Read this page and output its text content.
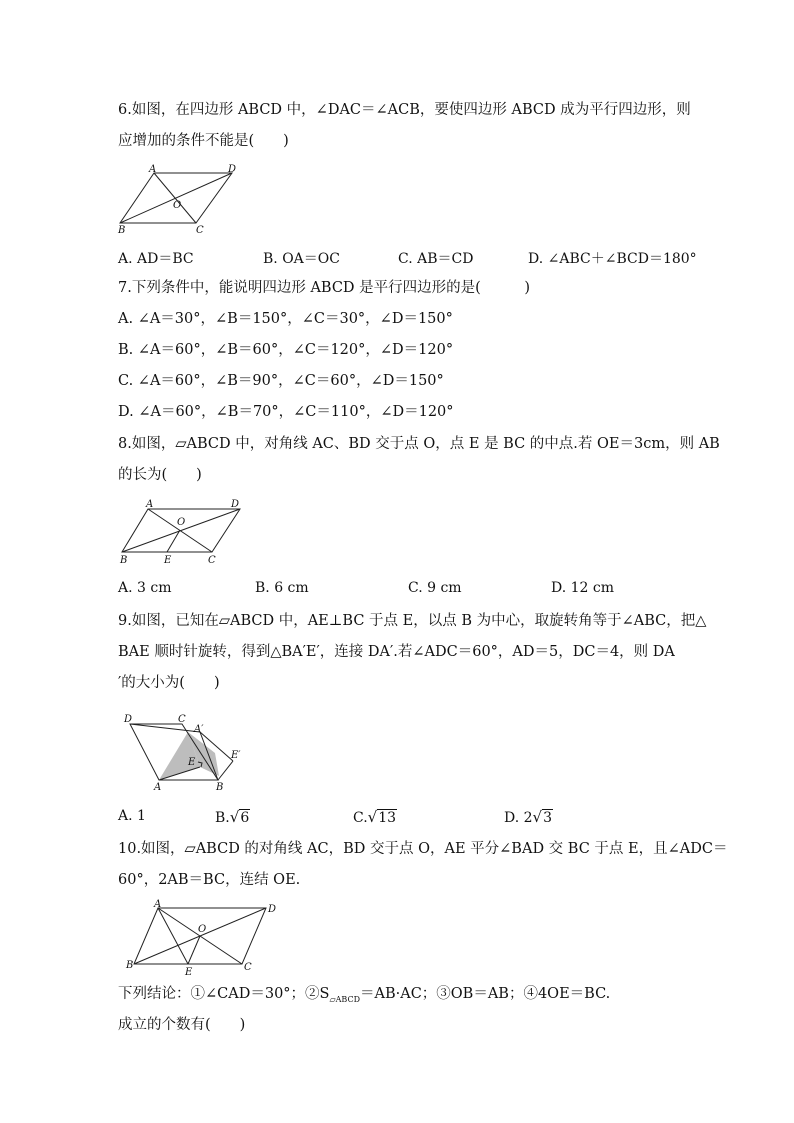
6.如图，在四边形 ABCD 中，∠DAC＝∠ACB，要使四边形 ABCD 成为平行四边形，则
应增加的条件不能是(　　)
A	D
B	C
O
A. AD＝BC	B. OA＝OC	C. AB＝CD	D. ∠ABC＋∠BCD＝180°
7.下列条件中，能说明四边形 ABCD 是平行四边形的是(　　　)
A. ∠A＝30°，∠B＝150°，∠C＝30°，∠D＝150°
B. ∠A＝60°，∠B＝60°，∠C＝120°，∠D＝120°
C. ∠A＝60°，∠B＝90°，∠C＝60°，∠D＝150°
D. ∠A＝60°，∠B＝70°，∠C＝110°，∠D＝120°
8.如图，▱ABCD 中，对角线 AC、BD 交于点 O，点 E 是 BC 的中点.若 OE＝3cm，则 AB
的长为(　　)
A	D
B	C
O
E
A. 3 cm	B. 6 cm	C. 9 cm	D. 12 cm
9.如图，已知在▱ABCD 中，AE⊥BC 于点 E，以点 B 为中心，取旋转角等于∠ABC，把△
BAE 顺时针旋转，得到△BA′E′，连接 DA′.若∠ADC＝60°，AD＝5，DC＝4，则 DA
′的大小为(　　)
D	C
A′
E′
E
A	B
A. 1	B.√6	C.√13	D. 2√3
10.如图，▱ABCD 的对角线 AC，BD 交于点 O，AE 平分∠BAD 交 BC 于点 E，且∠ADC＝
60°，2AB＝BC，连结 OE.
A	D
B	C
O
E
下列结论：①∠CAD＝30°；$②S_{▱ABCD}=AB\cdot AC$；③OB＝AB；④4OE＝BC.
成立的个数有(　　)
